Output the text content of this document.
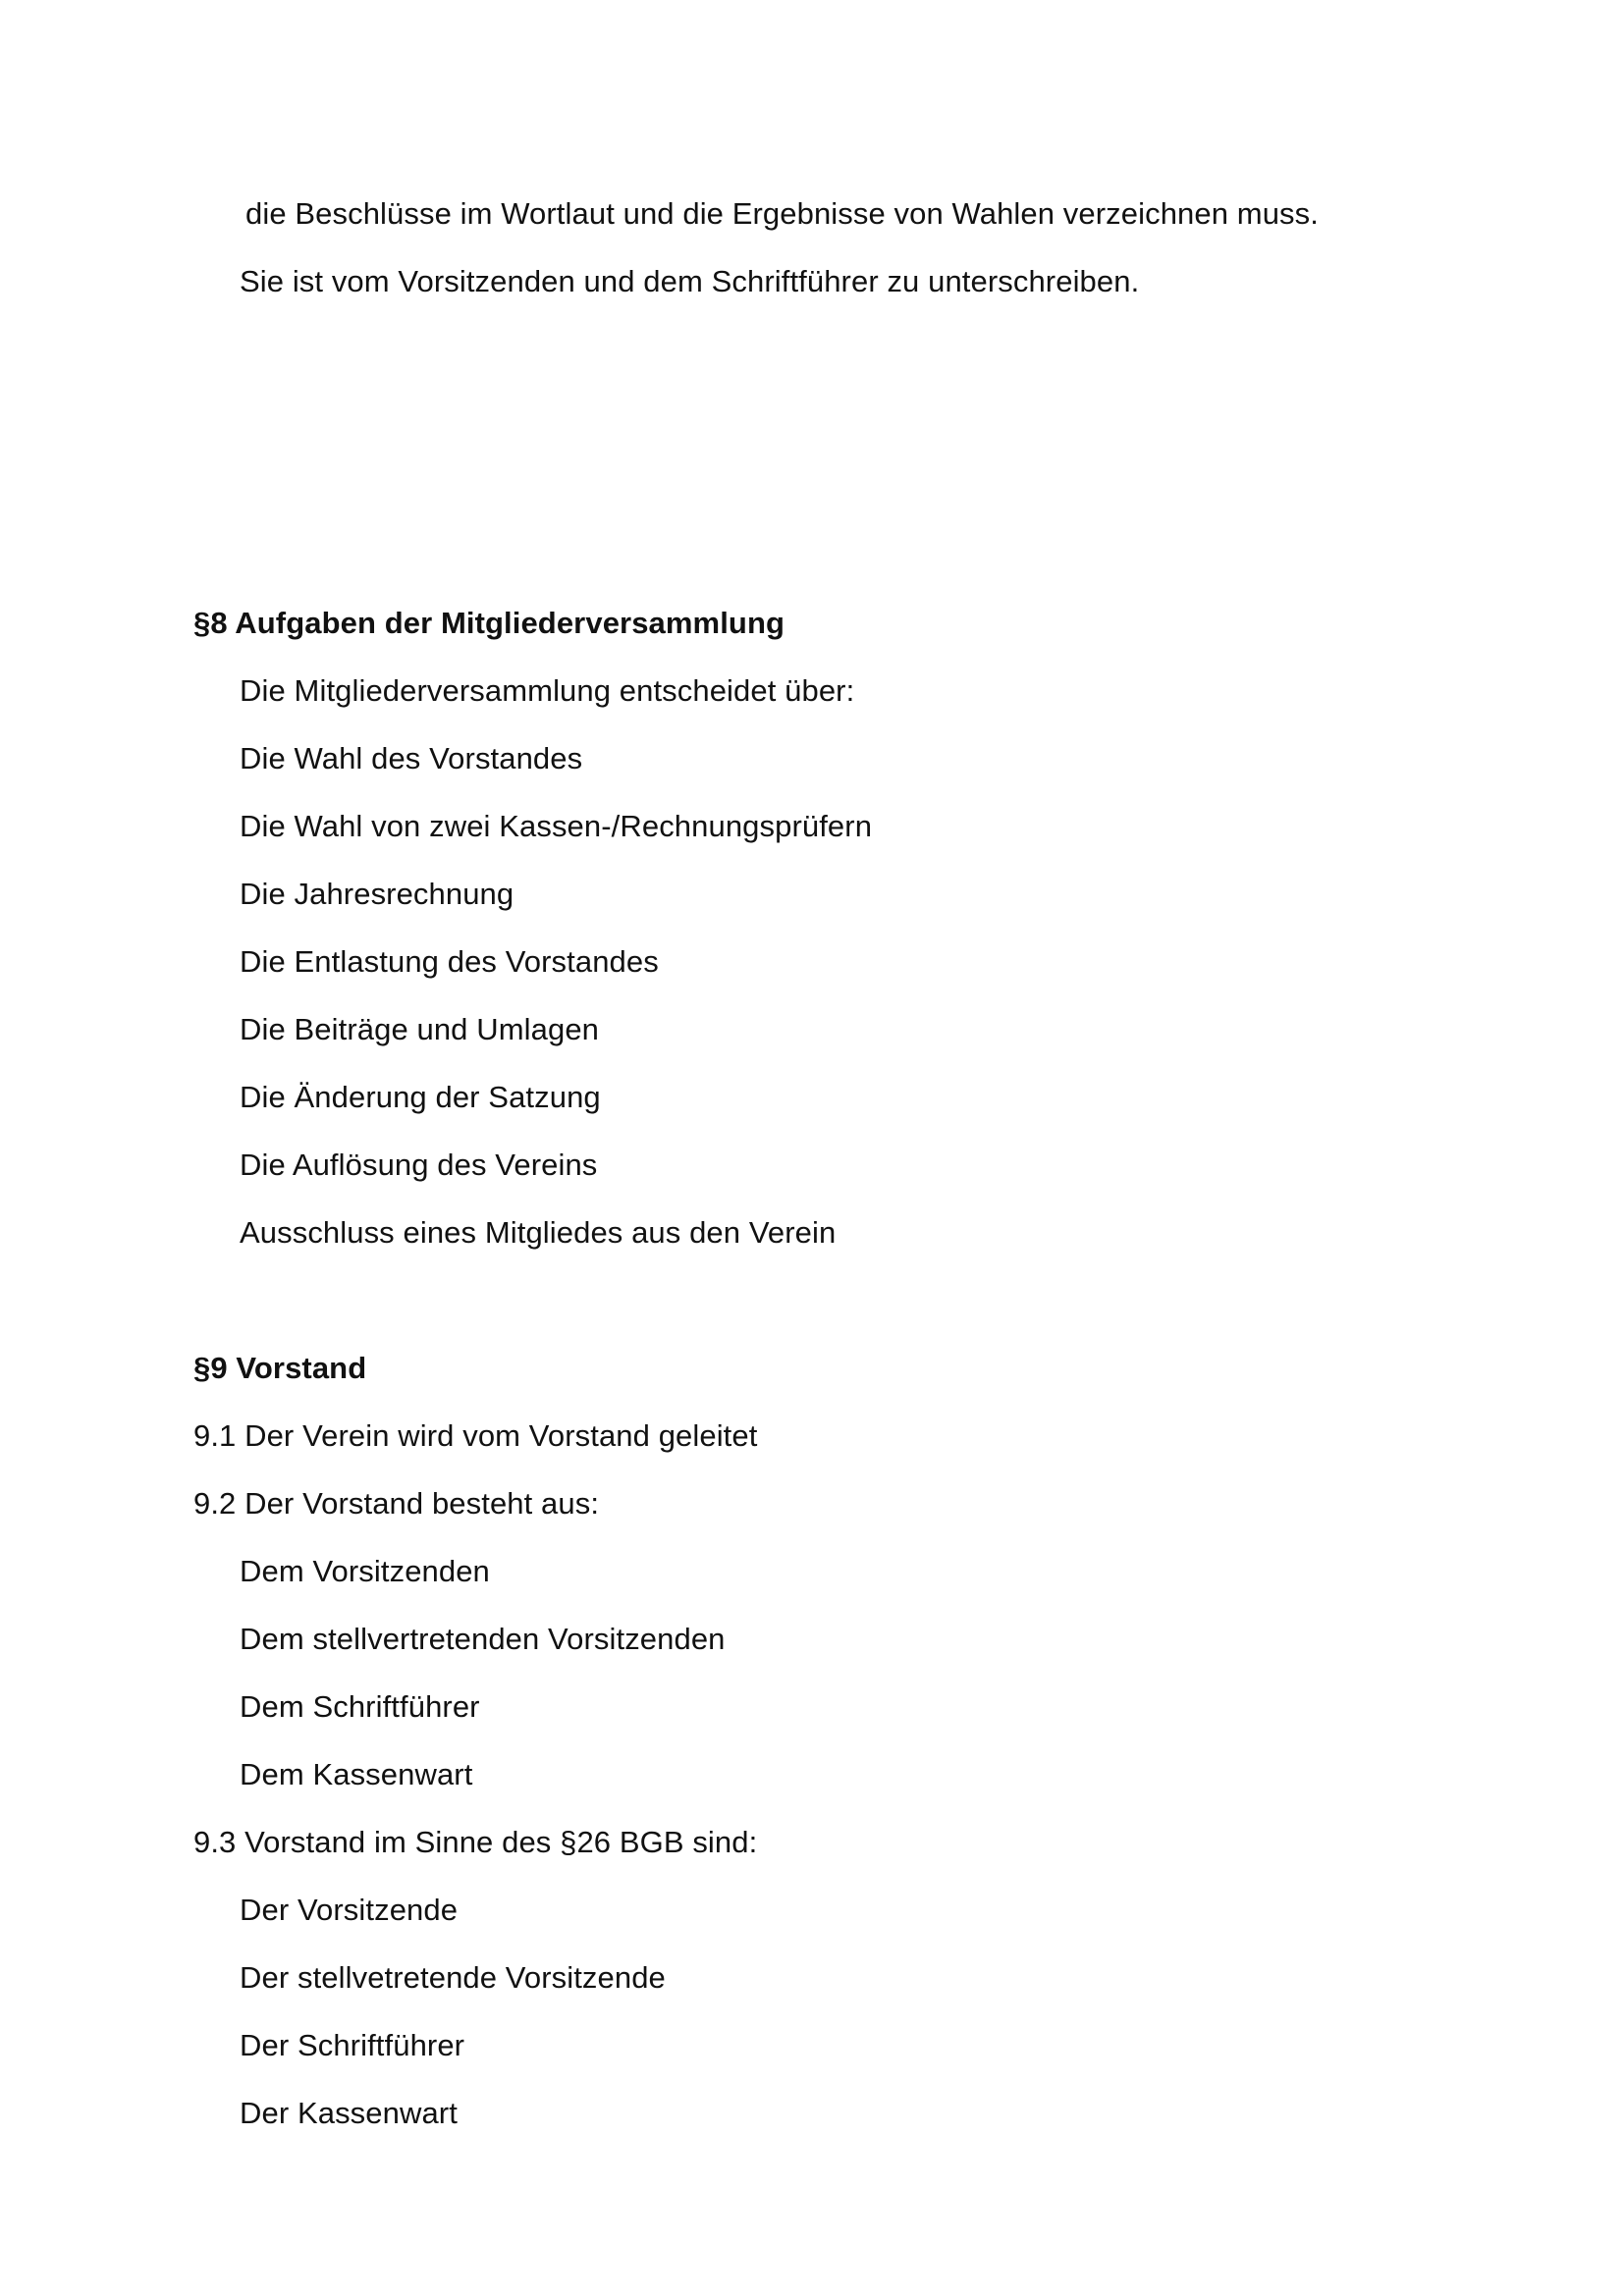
die Beschlüsse im Wortlaut und die Ergebnisse von Wahlen verzeichnen muss.
Sie ist vom Vorsitzenden und dem Schriftführer zu unterschreiben.
§8 Aufgaben der Mitgliederversammlung
Die Mitgliederversammlung entscheidet über:
Die Wahl des Vorstandes
Die Wahl von zwei Kassen-/Rechnungsprüfern
Die Jahresrechnung
Die Entlastung des Vorstandes
Die Beiträge und Umlagen
Die Änderung der Satzung
Die Auflösung des Vereins
Ausschluss eines Mitgliedes aus den Verein
§9 Vorstand
9.1 Der Verein wird vom Vorstand geleitet
9.2 Der Vorstand besteht aus:
Dem Vorsitzenden
Dem stellvertretenden Vorsitzenden
Dem Schriftführer
Dem Kassenwart
9.3 Vorstand im Sinne des §26 BGB sind:
Der Vorsitzende
Der stellvetretende Vorsitzende
Der Schriftführer
Der Kassenwart
